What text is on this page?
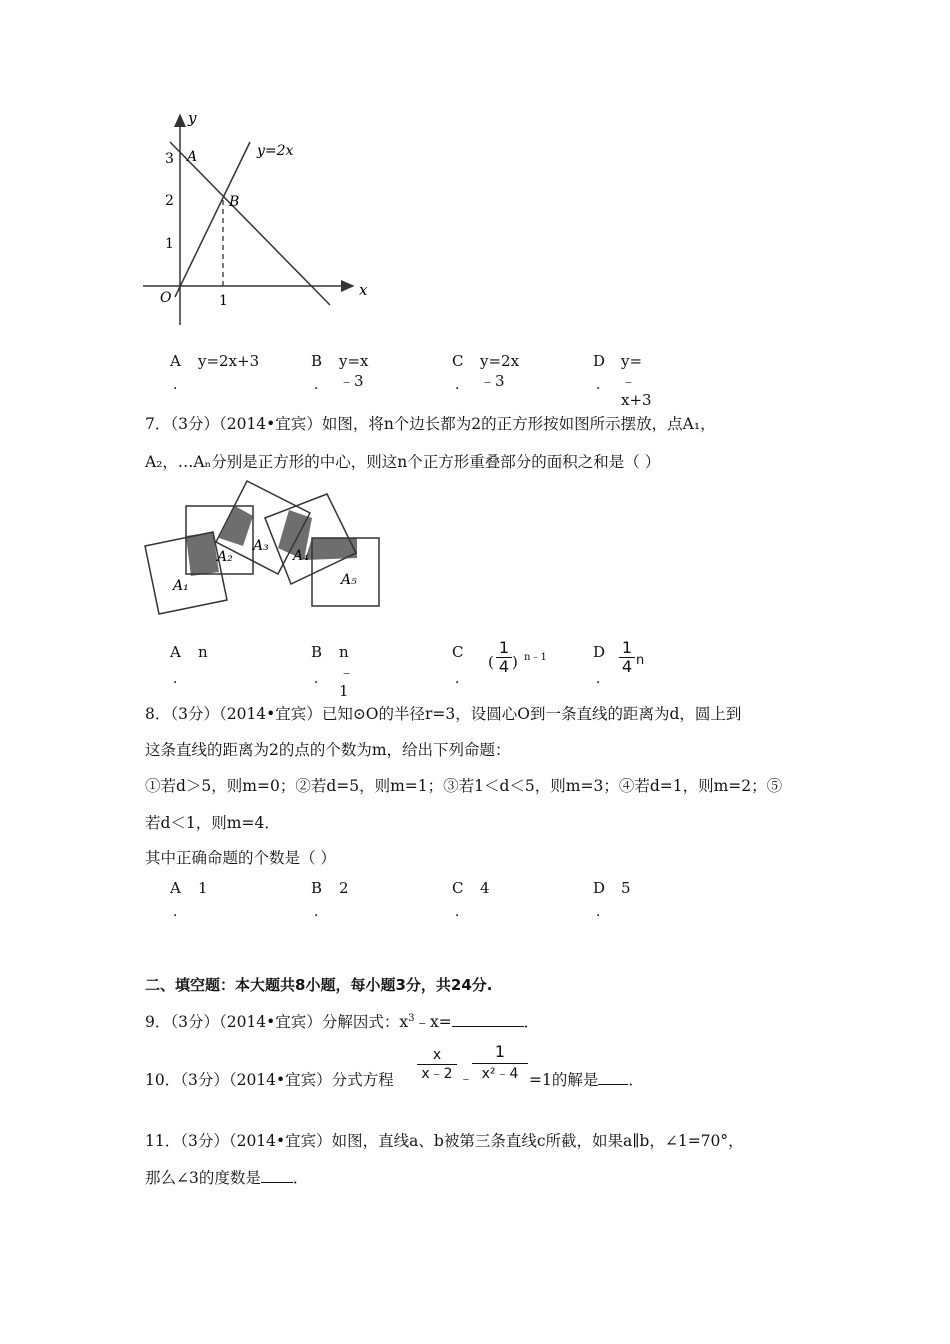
y
x
y=2x
O
A
B
3
2
1
1
A y=2x+3
．
B y=x﹣3
．
C y=2x﹣3
．
D y=﹣x+3
．
7．（3分）（2014•宜宾）如图，将n个边长都为2的正方形按如图所示摆放，点A₁，
A₂，…Aₙ分别是正方形的中心，则这n个正方形重叠部分的面积之和是（ ）
A₁
A₂
A₃
A₄
A₅
A n
．
B n﹣1
．
C
(
1
4 ) n﹣1
．
D 1
4 n
．
8．（3分）（2014•宜宾）已知⊙O的半径r=3，设圆心O到一条直线的距离为d，圆上到
这条直线的距离为2的点的个数为m，给出下列命题：
①若d＞5，则m=0；②若d=5，则m=1；③若1＜d＜5，则m=3；④若d=1，则m=2；⑤
若d＜1，则m=4．
其中正确命题的个数是（ ）
A 1
．
B 2
．
C 4
．
D 5
．
二、填空题：本大题共8小题，每小题3分，共24分.
9．（3分）（2014•宜宾）分解因式：$x^3﹣x=$	．
10．（3分）（2014•宜宾）分式方程
x
x﹣2 ﹣
1
x²﹣4 =1的解是 ．
11．（3分）（2014•宜宾）如图，直线a、b被第三条直线c所截，如果a∥b，∠1=70°，
那么∠3的度数是 ．
